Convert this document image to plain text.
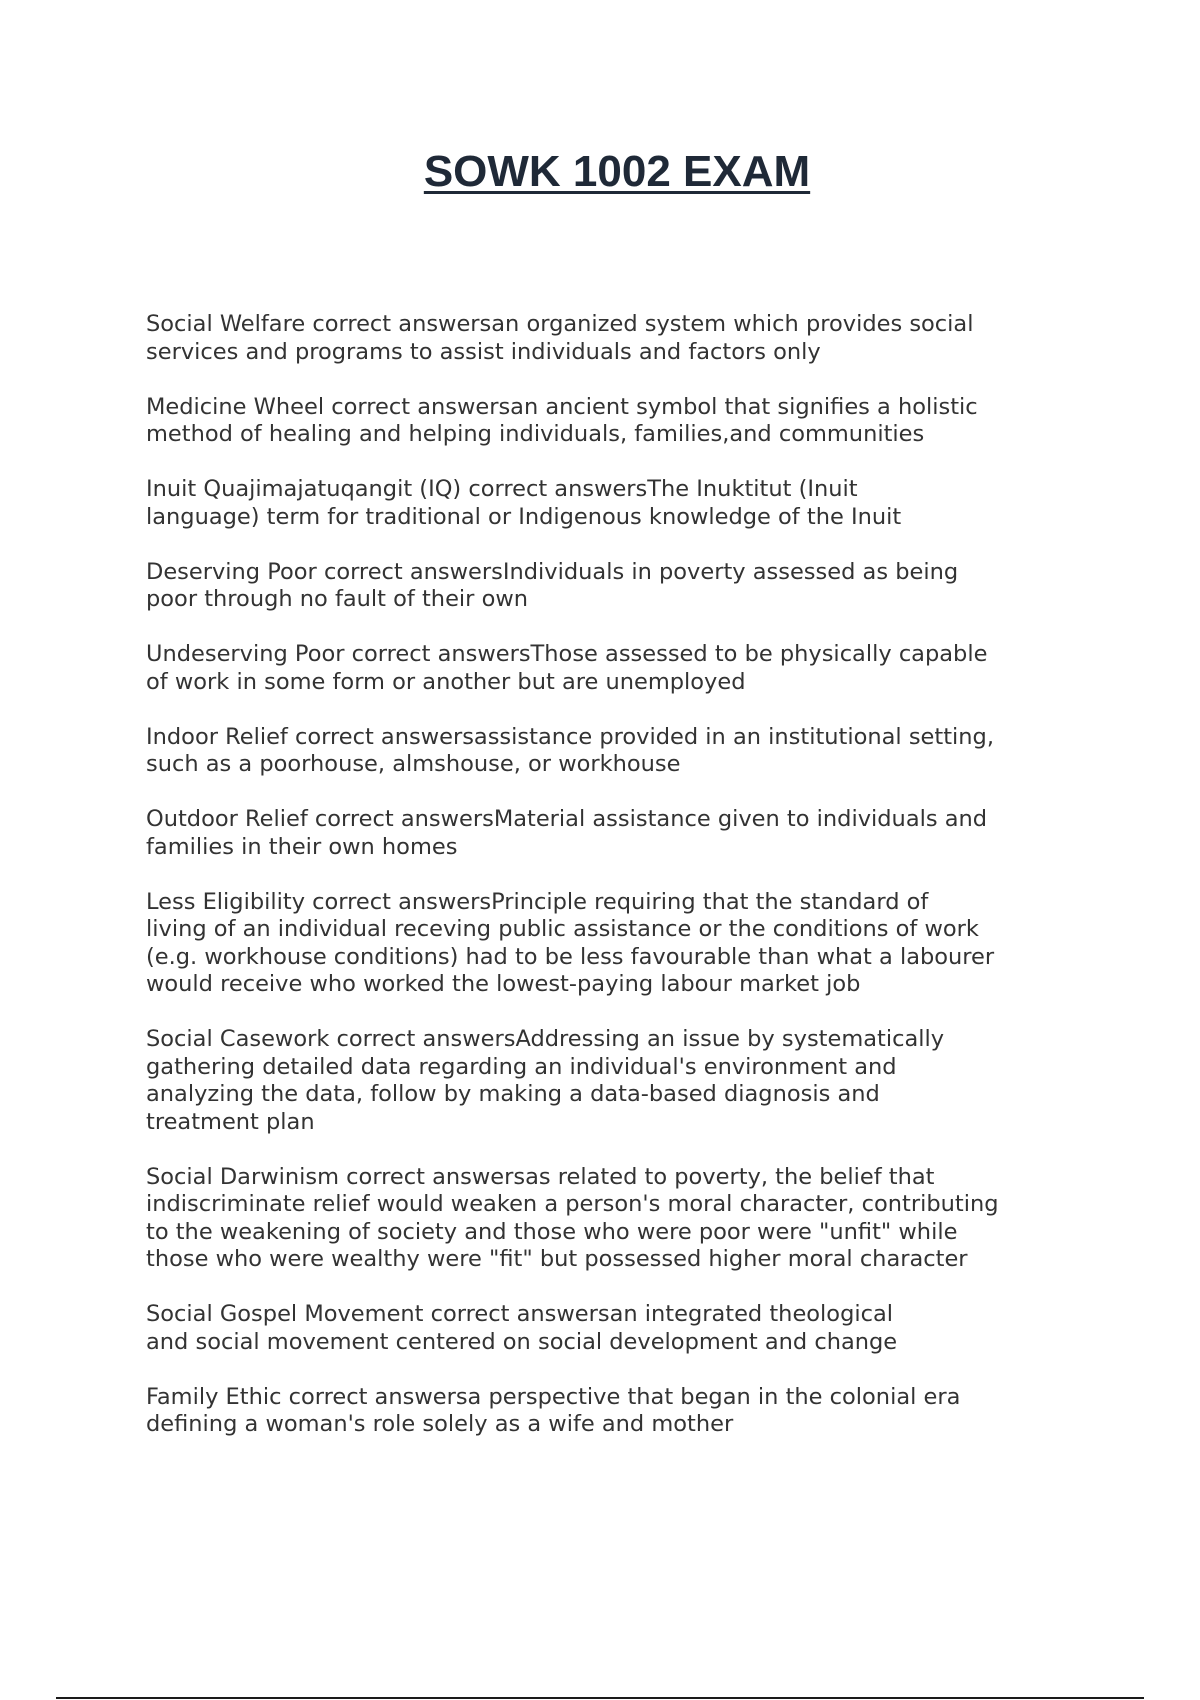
SOWK 1002 EXAM

Social Welfare correct answersan organized system which provides social
services and programs to assist individuals and factors only

Medicine Wheel correct answersan ancient symbol that signifies a holistic
method of healing and helping individuals, families,and communities

Inuit Quajimajatuqangit (IQ) correct answersThe Inuktitut (Inuit
language) term for traditional or Indigenous knowledge of the Inuit

Deserving Poor correct answersIndividuals in poverty assessed as being
poor through no fault of their own

Undeserving Poor correct answersThose assessed to be physically capable
of work in some form or another but are unemployed

Indoor Relief correct answersassistance provided in an institutional setting,
such as a poorhouse, almshouse, or workhouse

Outdoor Relief correct answersMaterial assistance given to individuals and
families in their own homes

Less Eligibility correct answersPrinciple requiring that the standard of
living of an individual receving public assistance or the conditions of work
(e.g. workhouse conditions) had to be less favourable than what a labourer
would receive who worked the lowest-paying labour market job

Social Casework correct answersAddressing an issue by systematically
gathering detailed data regarding an individual's environment and
analyzing the data, follow by making a data-based diagnosis and
treatment plan

Social Darwinism correct answersas related to poverty, the belief that
indiscriminate relief would weaken a person's moral character, contributing
to the weakening of society and those who were poor were "unfit" while
those who were wealthy were "fit" but possessed higher moral character

Social Gospel Movement correct answersan integrated theological
and social movement centered on social development and change

Family Ethic correct answersa perspective that began in the colonial era
defining a woman's role solely as a wife and mother
